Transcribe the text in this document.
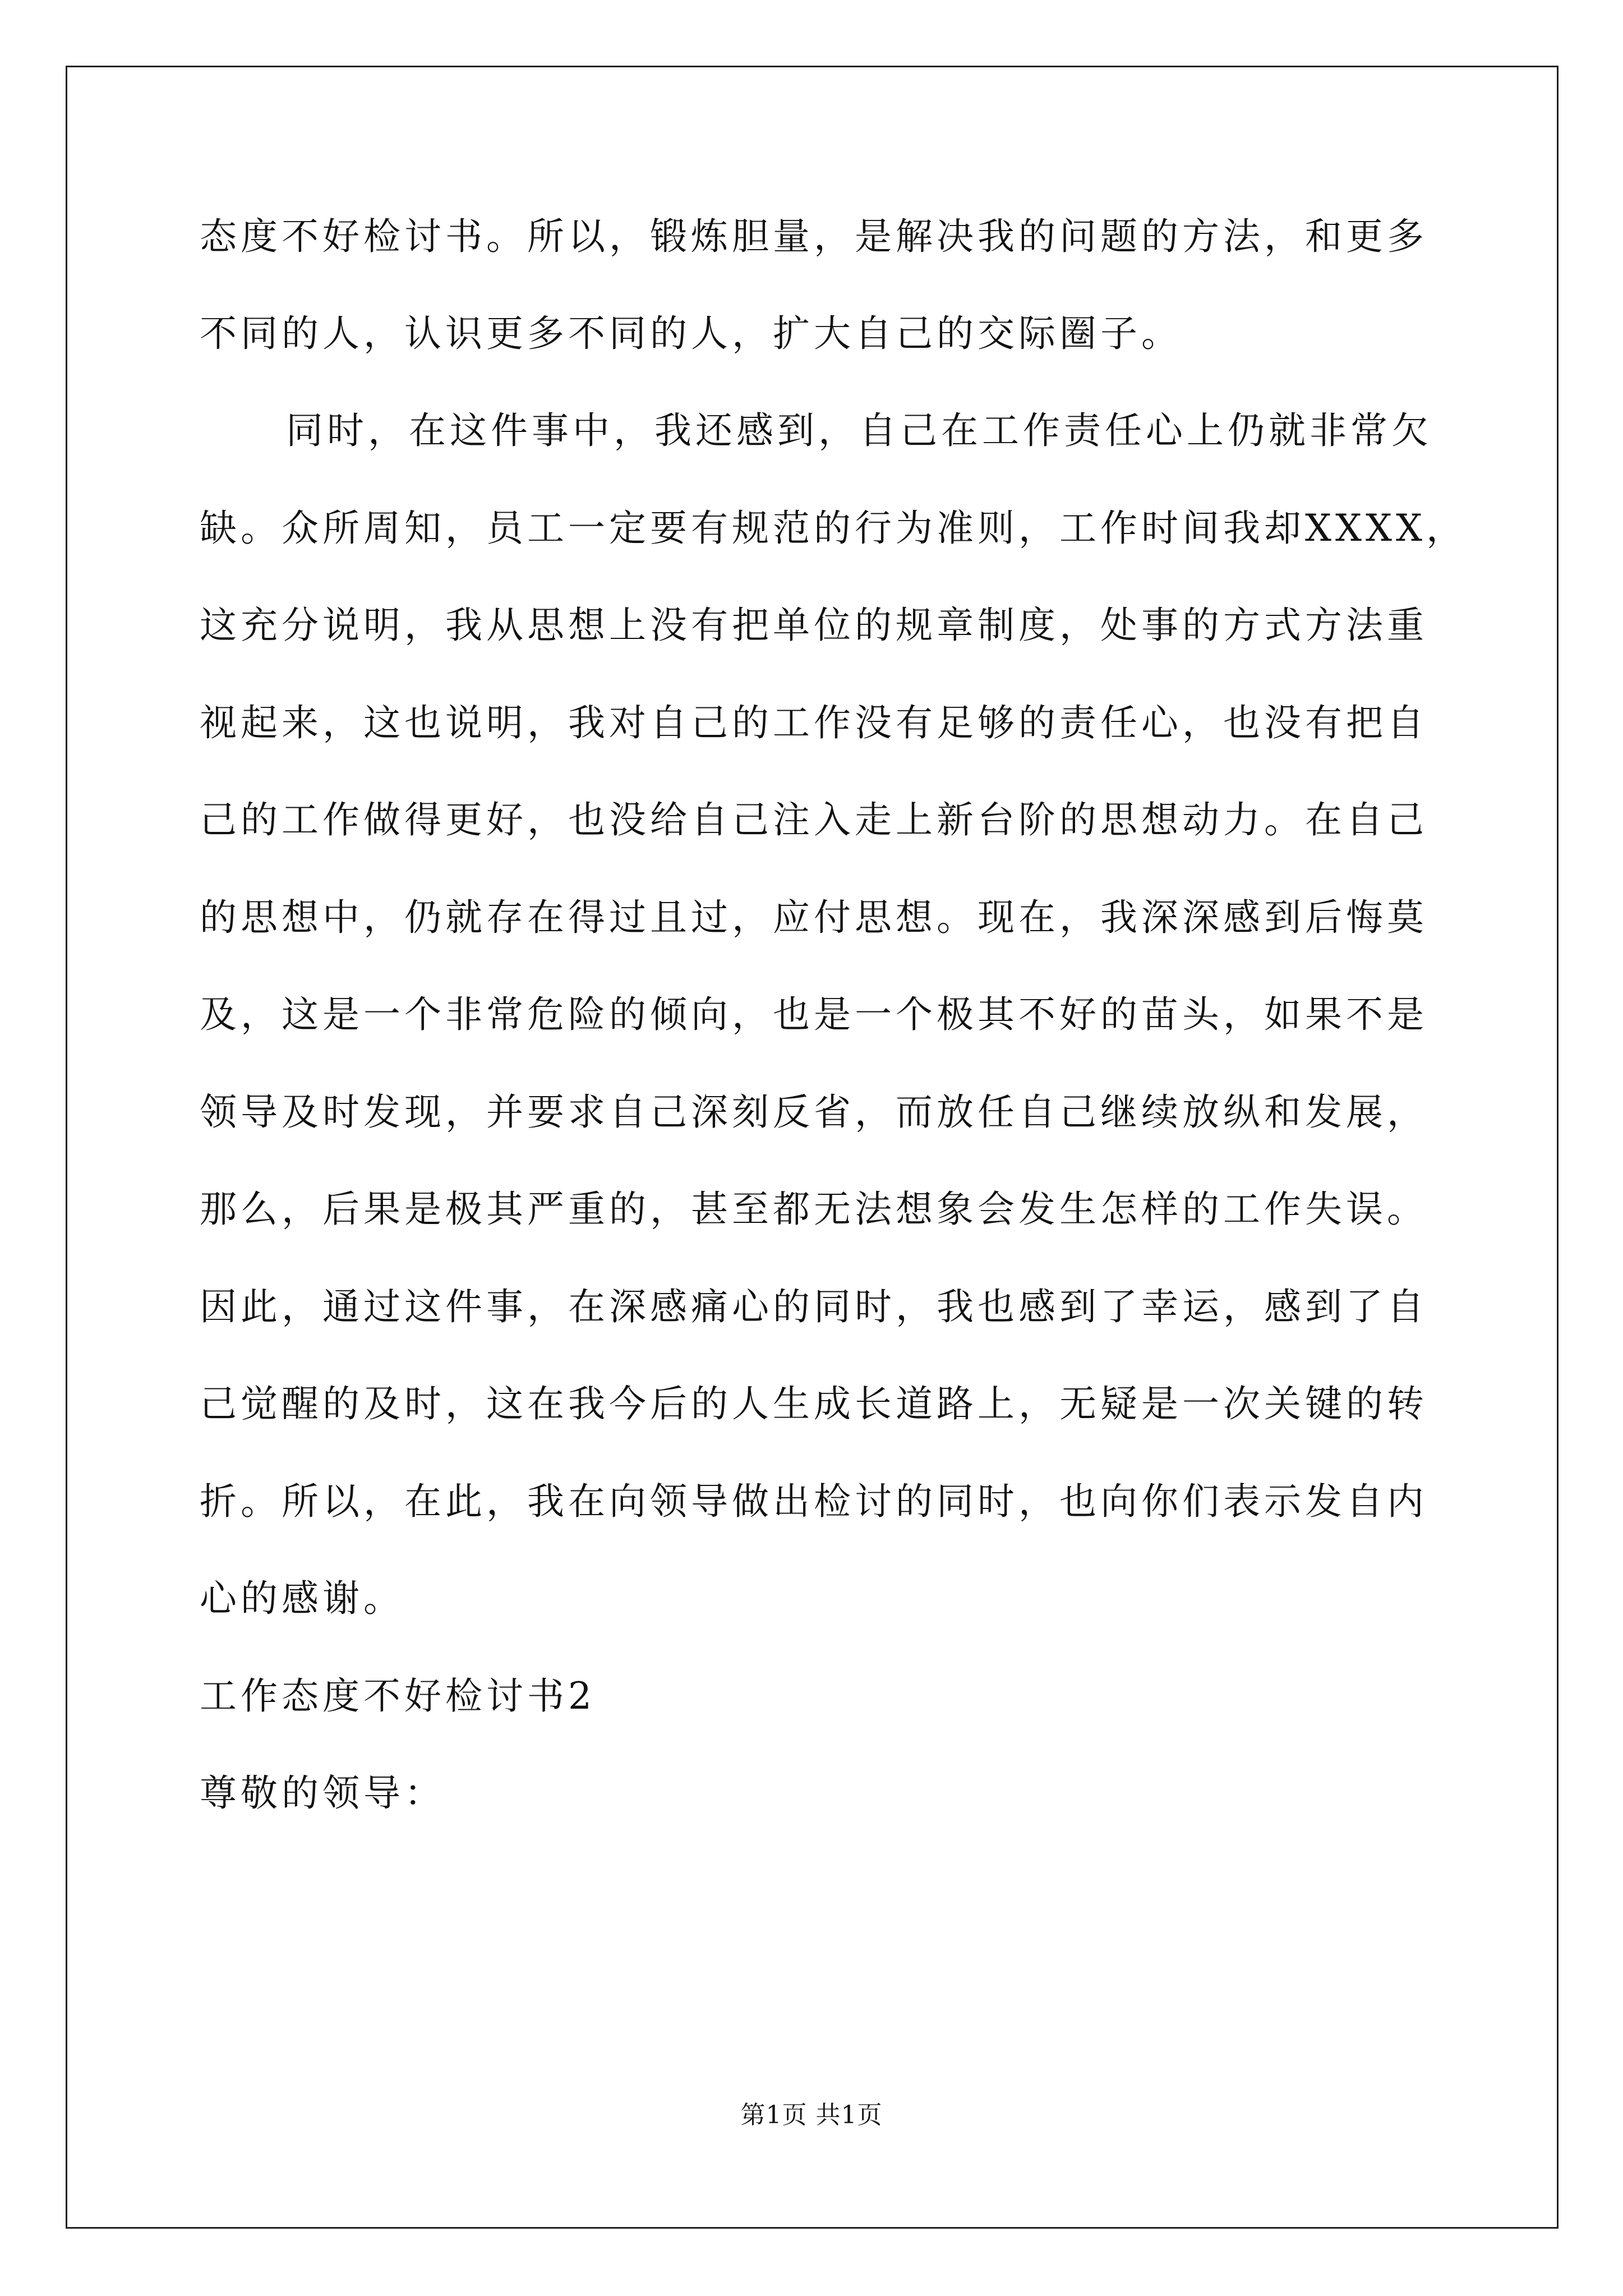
态度不好检讨书。所以，锻炼胆量，是解决我的问题的方法，和更多
不同的人，认识更多不同的人，扩大自己的交际圈子。
同时，在这件事中，我还感到，自己在工作责任心上仍就非常欠
缺。众所周知，员工一定要有规范的行为准则，工作时间我却XXXX，
这充分说明，我从思想上没有把单位的规章制度，处事的方式方法重
视起来，这也说明，我对自己的工作没有足够的责任心，也没有把自
己的工作做得更好，也没给自己注入走上新台阶的思想动力。在自己
的思想中，仍就存在得过且过，应付思想。现在，我深深感到后悔莫
及，这是一个非常危险的倾向，也是一个极其不好的苗头，如果不是
领导及时发现，并要求自己深刻反省，而放任自己继续放纵和发展，
那么，后果是极其严重的，甚至都无法想象会发生怎样的工作失误。
因此，通过这件事，在深感痛心的同时，我也感到了幸运，感到了自
己觉醒的及时，这在我今后的人生成长道路上，无疑是一次关键的转
折。所以，在此，我在向领导做出检讨的同时，也向你们表示发自内
心的感谢。
工作态度不好检讨书2
尊敬的领导：
第1页 共1页
